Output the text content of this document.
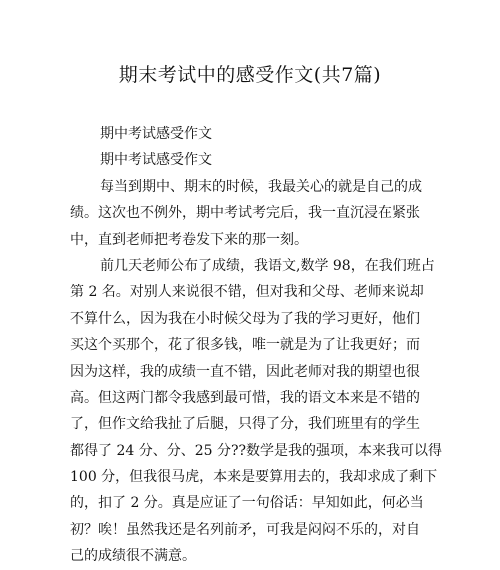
期末考试中的感受作文(共7篇)
期中考试感受作文
期中考试感受作文
每当到期中、期末的时候，我最关心的就是自己的成
绩。这次也不例外，期中考试考完后，我一直沉浸在紧张
中，直到老师把考卷发下来的那一刻。
前几天老师公布了成绩，我语文,数学 98，在我们班占
第 2 名。对别人来说很不错，但对我和父母、老师来说却
不算什么，因为我在小时候父母为了我的学习更好，他们
买这个买那个，花了很多钱，唯一就是为了让我更好；而
因为这样，我的成绩一直不错，因此老师对我的期望也很
高。但这两门都令我感到最可惜，我的语文本来是不错的
了，但作文给我扯了后腿，只得了分，我们班里有的学生
都得了 24 分、分、25 分??数学是我的强项，本来我可以得
100 分，但我很马虎，本来是要算用去的，我却求成了剩下
的，扣了 2 分。真是应证了一句俗话：早知如此，何必当
初？唉！虽然我还是名列前矛，可我是闷闷不乐的，对自
己的成绩很不满意。
